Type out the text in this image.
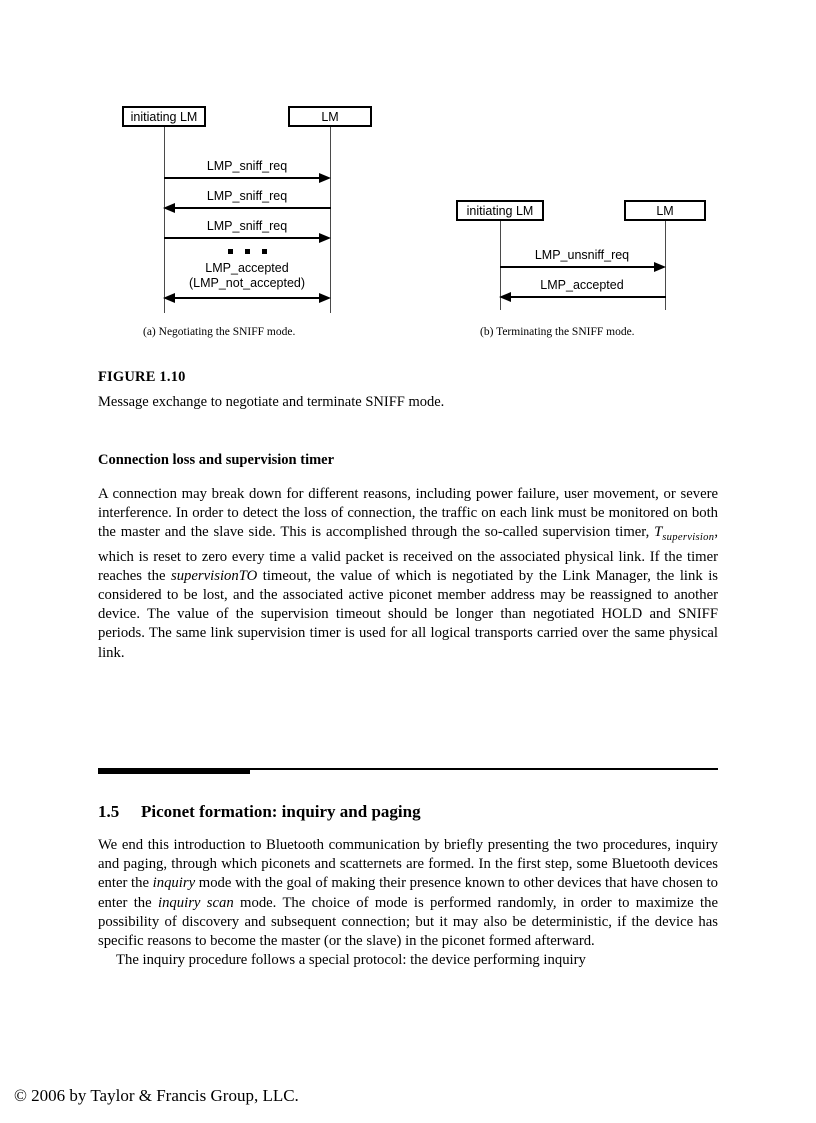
initiating LM	LM
LMP_sniff_req
LMP_sniff_req
LMP_sniff_req
LMP_accepted
(LMP_not_accepted)
(a) Negotiating the SNIFF mode.
initiating LM	LM
LMP_unsniff_req
LMP_accepted
(b) Terminating the SNIFF mode.
FIGURE 1.10
Message exchange to negotiate and terminate SNIFF mode.
Connection loss and supervision timer

A connection may break down for different reasons, including power failure, user movement, or severe interference. In order to detect the loss of connection, the traffic on each link must be monitored on both the master and the slave side. This is accomplished through the so-called supervision timer, $T_{supervision}$, which is reset to zero every time a valid packet is received on the associated physical link. If the timer reaches the supervisionTO timeout, the value of which is negotiated by the Link Manager, the link is considered to be lost, and the associated active piconet member address may be reassigned to another device. The value of the supervision timeout should be longer than negotiated HOLD and SNIFF periods. The same link supervision timer is used for all logical transports carried over the same physical link.

1.5 Piconet formation: inquiry and paging

We end this introduction to Bluetooth communication by briefly presenting the two procedures, inquiry and paging, through which piconets and scatternets are formed. In the first step, some Bluetooth devices enter the inquiry mode with the goal of making their presence known to other devices that have chosen to enter the inquiry scan mode. The choice of mode is performed randomly, in order to maximize the possibility of discovery and subsequent connection; but it may also be deterministic, if the device has specific reasons to become the master (or the slave) in the piconet formed afterward.

The inquiry procedure follows a special protocol: the device performing inquiry

© 2006 by Taylor & Francis Group, LLC.
